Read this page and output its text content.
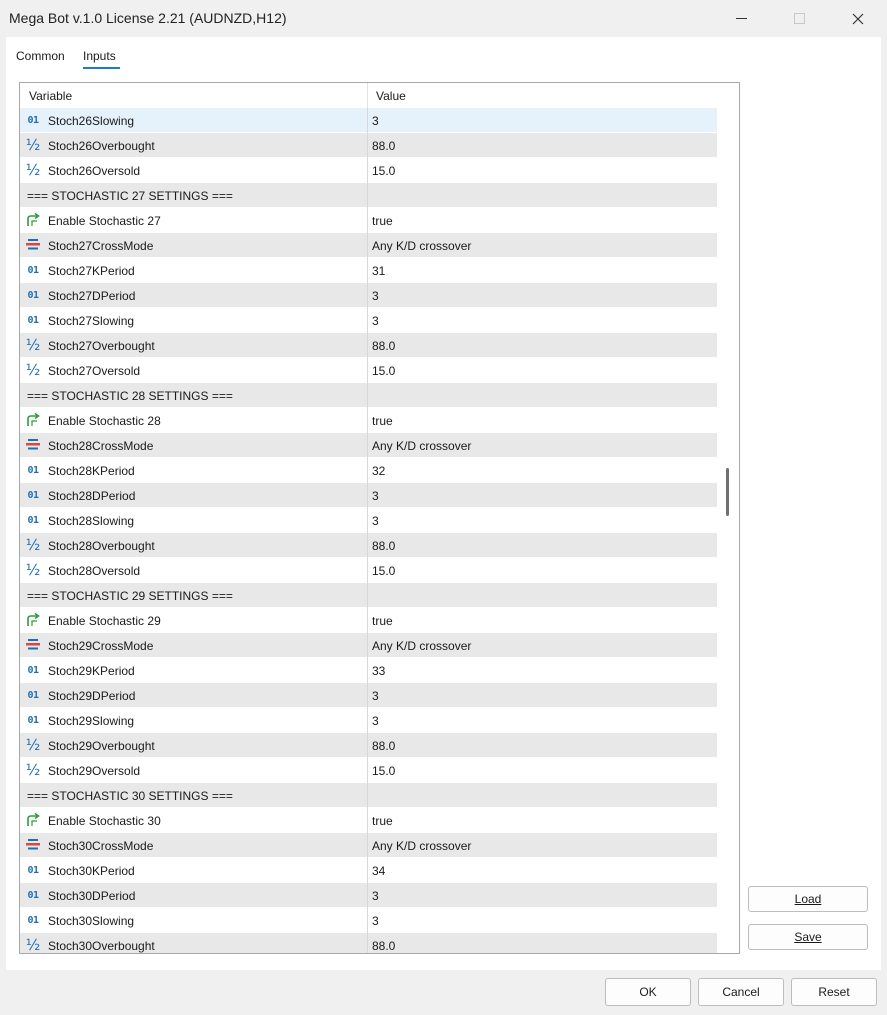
Mega Bot v.1.0 License 2.21 (AUDNZD,H12)
Common Inputs
Variable	Value
01 Stoch26Slowing	3
½ Stoch26Overbought	88.0
½ Stoch26Oversold	15.0
=== STOCHASTIC 27 SETTINGS ===
Enable Stochastic 27	true
Stoch27CrossMode	Any K/D crossover
01 Stoch27KPeriod	31
01 Stoch27DPeriod	3
01 Stoch27Slowing	3
½ Stoch27Overbought	88.0
½ Stoch27Oversold	15.0
=== STOCHASTIC 28 SETTINGS ===
Enable Stochastic 28	true
Stoch28CrossMode	Any K/D crossover
01 Stoch28KPeriod	32
01 Stoch28DPeriod	3
01 Stoch28Slowing	3
½ Stoch28Overbought	88.0
½ Stoch28Oversold	15.0
=== STOCHASTIC 29 SETTINGS ===
Enable Stochastic 29	true
Stoch29CrossMode	Any K/D crossover
01 Stoch29KPeriod	33
01 Stoch29DPeriod	3
01 Stoch29Slowing	3
½ Stoch29Overbought	88.0
½ Stoch29Oversold	15.0
=== STOCHASTIC 30 SETTINGS ===
Enable Stochastic 30	true
Stoch30CrossMode	Any K/D crossover
01 Stoch30KPeriod	34
01 Stoch30DPeriod	3
01 Stoch30Slowing	3
½ Stoch30Overbought	88.0
Load
Save
OK	Cancel	Reset
